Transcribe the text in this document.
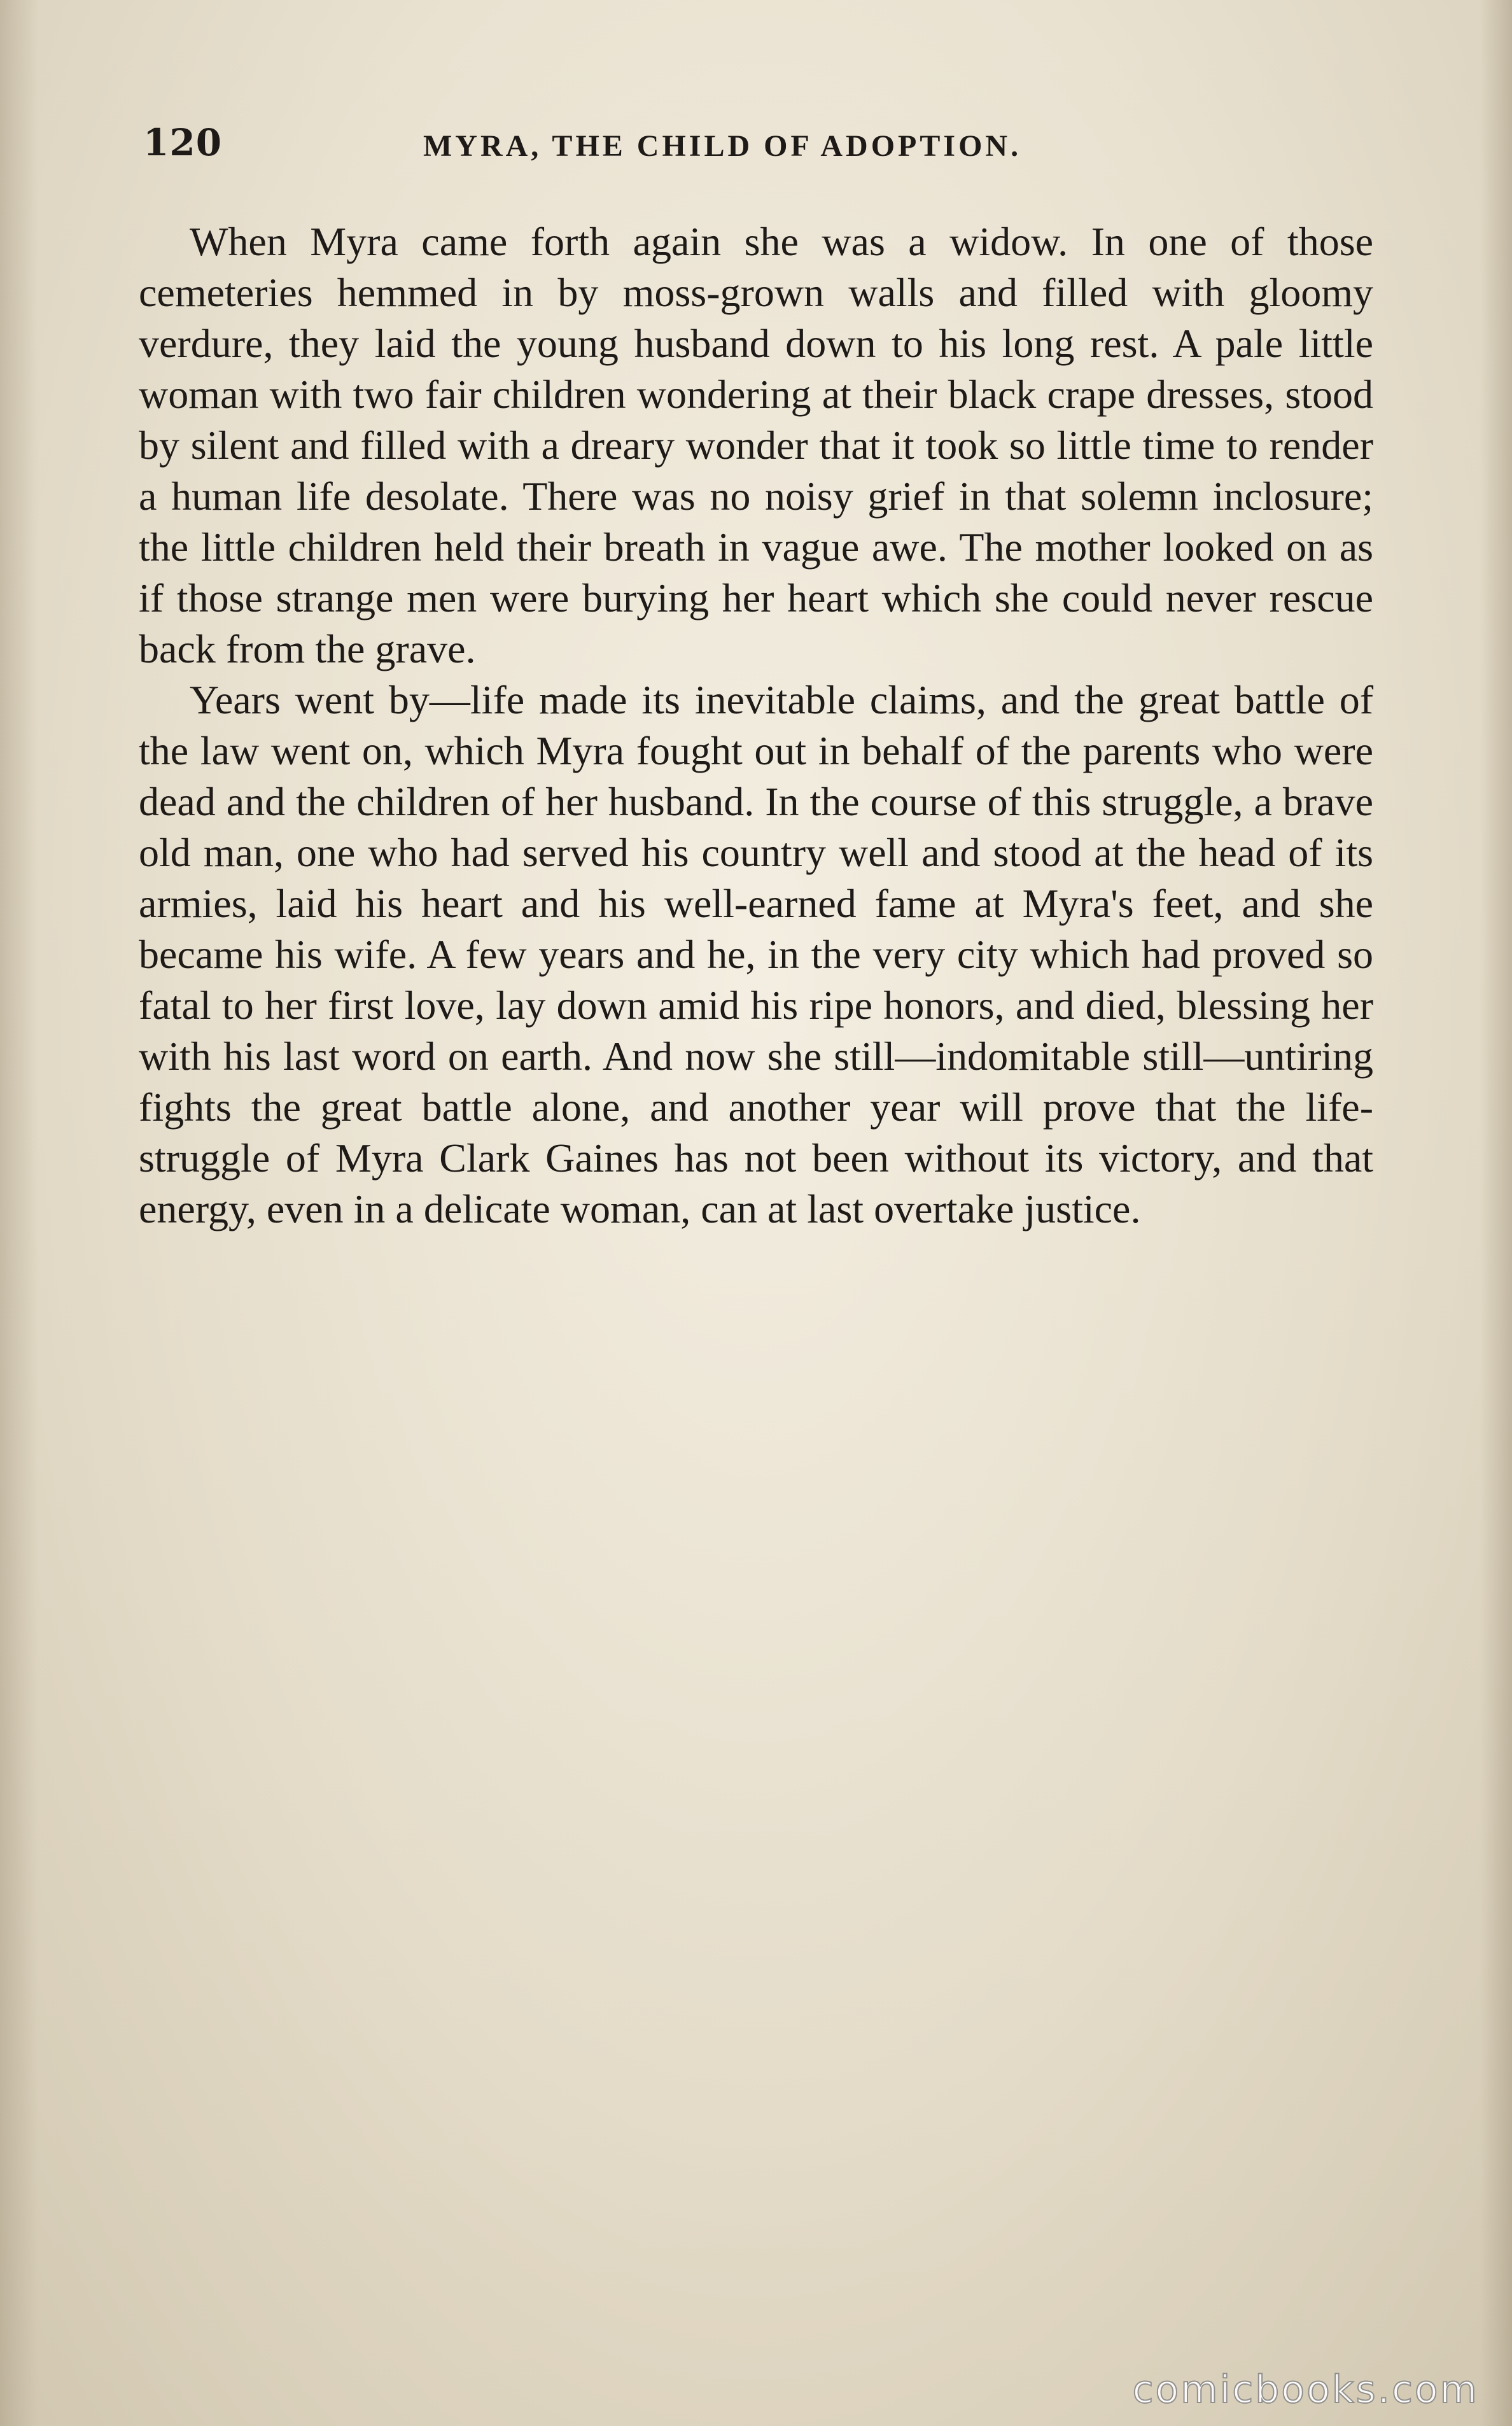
120	MYRA, THE CHILD OF ADOPTION.

When Myra came forth again she was a widow. In one of those cemeteries hemmed in by moss-grown walls and filled with gloomy verdure, they laid the young husband down to his long rest. A pale little woman with two fair children wondering at their black crape dresses, stood by silent and filled with a dreary wonder that it took so little time to render a human life desolate. There was no noisy grief in that solemn inclosure; the little children held their breath in vague awe. The mother looked on as if those strange men were burying her heart which she could never rescue back from the grave.

Years went by—life made its inevitable claims, and the great battle of the law went on, which Myra fought out in behalf of the parents who were dead and the children of her husband. In the course of this struggle, a brave old man, one who had served his country well and stood at the head of its armies, laid his heart and his well-earned fame at Myra's feet, and she became his wife. A few years and he, in the very city which had proved so fatal to her first love, lay down amid his ripe honors, and died, blessing her with his last word on earth. And now she still—indomitable still—untiring fights the great battle alone, and another year will prove that the life-struggle of Myra Clark Gaines has not been without its victory, and that energy, even in a delicate woman, can at last overtake justice.

comicbooks.com
